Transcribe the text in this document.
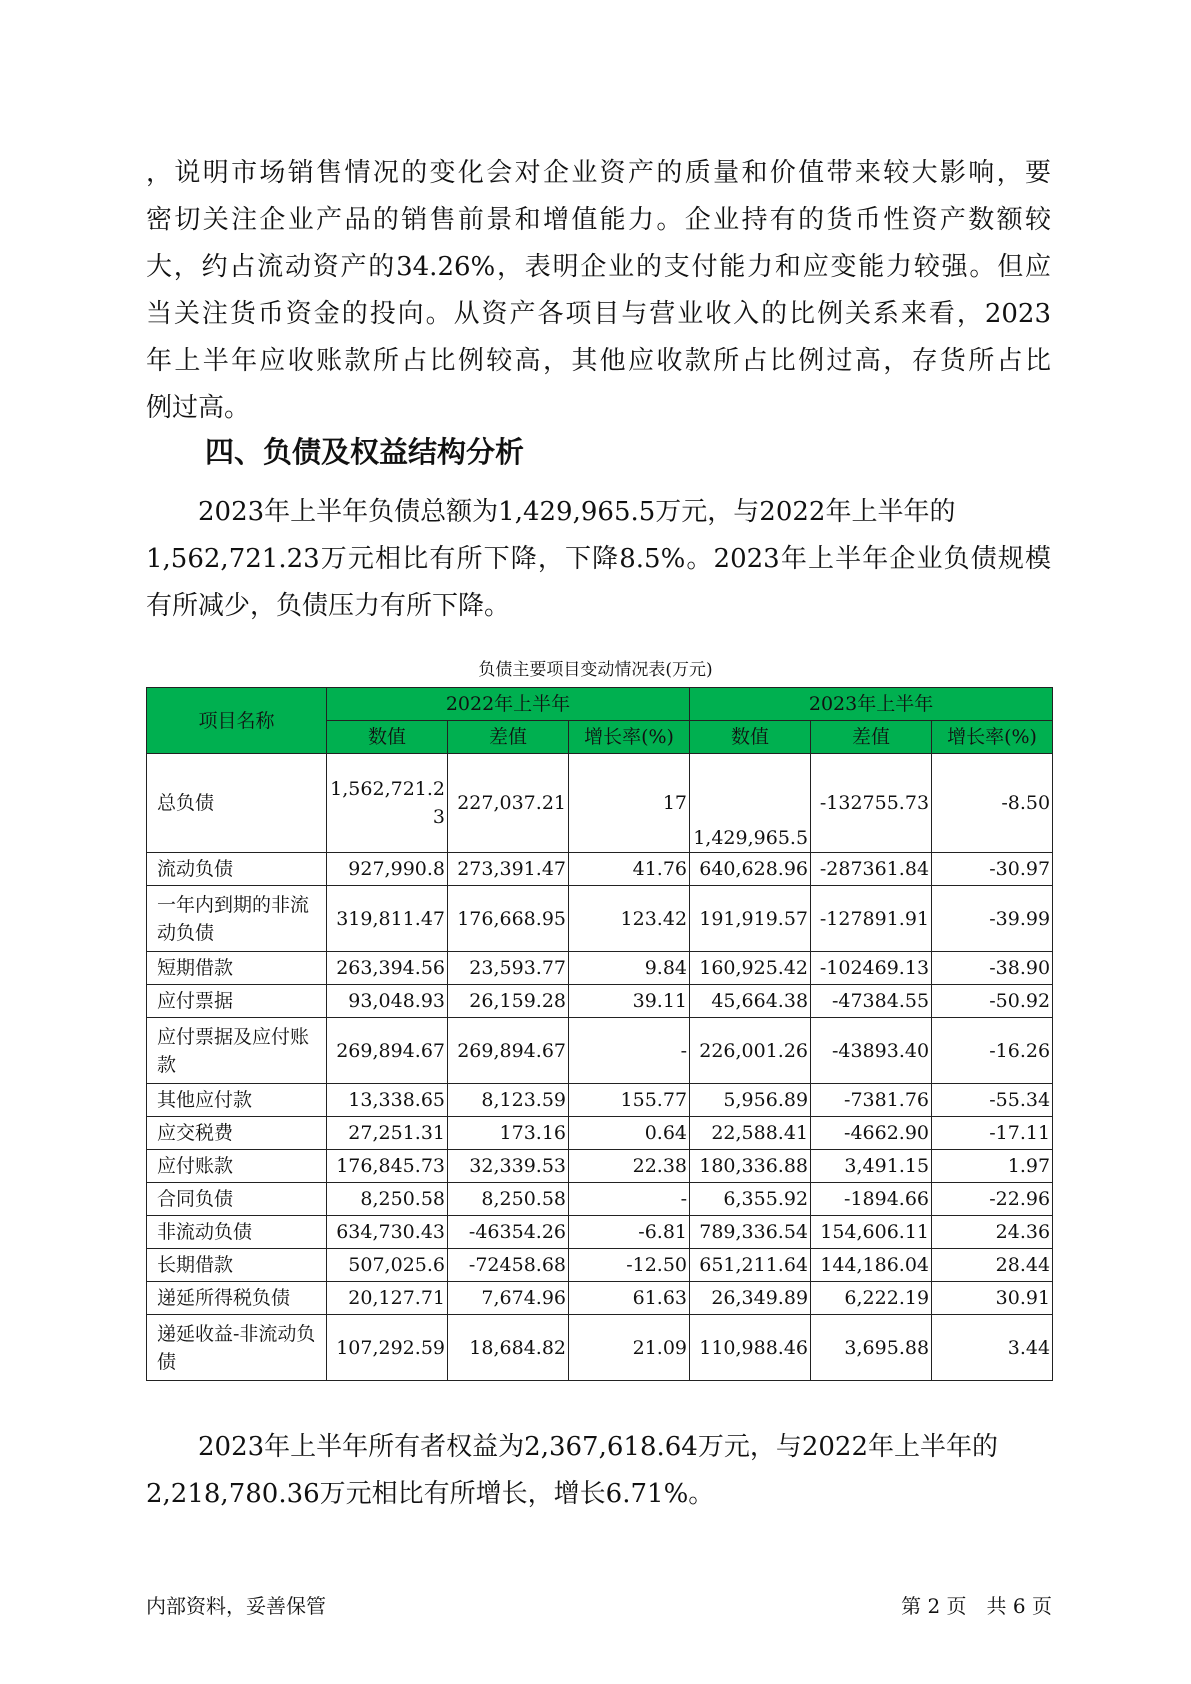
，说明市场销售情况的变化会对企业资产的质量和价值带来较大影响，要
密切关注企业产品的销售前景和增值能力。企业持有的货币性资产数额较
大，约占流动资产的34.26%，表明企业的支付能力和应变能力较强。但应
当关注货币资金的投向。从资产各项目与营业收入的比例关系来看，2023
年上半年应收账款所占比例较高，其他应收款所占比例过高，存货所占比
例过高。
四、负债及权益结构分析
2023年上半年负债总额为1,429,965.5万元，与2022年上半年的
1,562,721.23万元相比有所下降，下降8.5%。2023年上半年企业负债规模
有所减少，负债压力有所下降。
负债主要项目变动情况表(万元)
项目名称	2022年上半年			2023年上半年		
	数值	差值	增长率(%)	数值	差值	增长率(%)
总负债	1,562,721.23	227,037.21	17	1,429,965.5	-132755.73	-8.50
流动负债	927,990.8	273,391.47	41.76	640,628.96	-287361.84	-30.97
一年内到期的非流动负债	319,811.47	176,668.95	123.42	191,919.57	-127891.91	-39.99
短期借款	263,394.56	23,593.77	9.84	160,925.42	-102469.13	-38.90
应付票据	93,048.93	26,159.28	39.11	45,664.38	-47384.55	-50.92
应付票据及应付账款	269,894.67	269,894.67	-	226,001.26	-43893.40	-16.26
其他应付款	13,338.65	8,123.59	155.77	5,956.89	-7381.76	-55.34
应交税费	27,251.31	173.16	0.64	22,588.41	-4662.90	-17.11
应付账款	176,845.73	32,339.53	22.38	180,336.88	3,491.15	1.97
合同负债	8,250.58	8,250.58	-	6,355.92	-1894.66	-22.96
非流动负债	634,730.43	-46354.26	-6.81	789,336.54	154,606.11	24.36
长期借款	507,025.6	-72458.68	-12.50	651,211.64	144,186.04	28.44
递延所得税负债	20,127.71	7,674.96	61.63	26,349.89	6,222.19	30.91
递延收益-非流动负债	107,292.59	18,684.82	21.09	110,988.46	3,695.88	3.44
2023年上半年所有者权益为2,367,618.64万元，与2022年上半年的
2,218,780.36万元相比有所增长，增长6.71%。
内部资料，妥善保管	第 2 页　共 6 页
